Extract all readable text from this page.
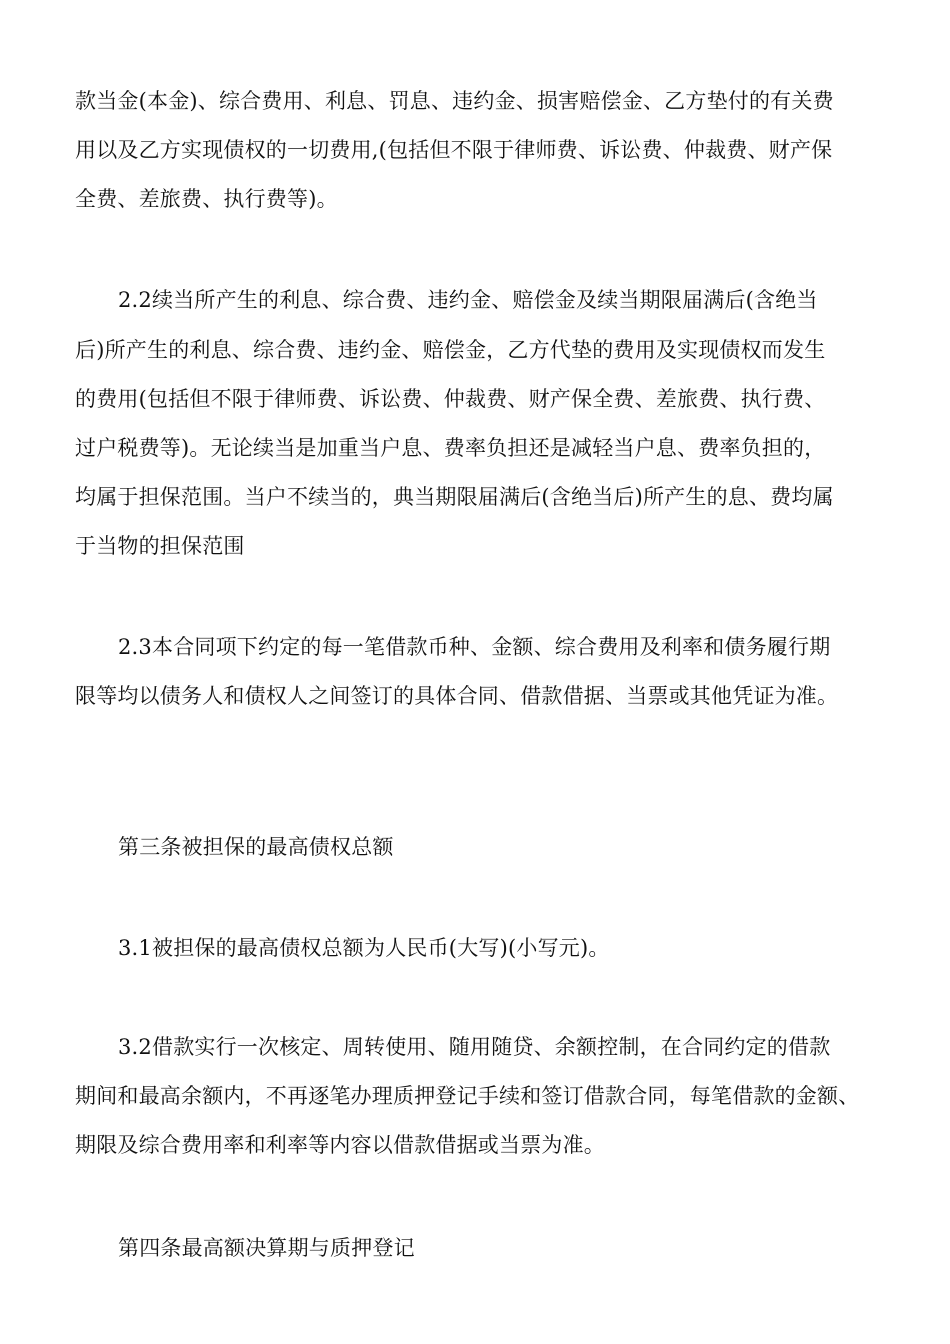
款当金(本金)、综合费用、利息、罚息、违约金、损害赔偿金、乙方垫付的有关费
用以及乙方实现债权的一切费用,(包括但不限于律师费、诉讼费、仲裁费、财产保
全费、差旅费、执行费等)。
2.2续当所产生的利息、综合费、违约金、赔偿金及续当期限届满后(含绝当
后)所产生的利息、综合费、违约金、赔偿金，乙方代垫的费用及实现债权而发生
的费用(包括但不限于律师费、诉讼费、仲裁费、财产保全费、差旅费、执行费、
过户税费等)。无论续当是加重当户息、费率负担还是减轻当户息、费率负担的，
均属于担保范围。当户不续当的，典当期限届满后(含绝当后)所产生的息、费均属
于当物的担保范围
2.3本合同项下约定的每一笔借款币种、金额、综合费用及利率和债务履行期
限等均以债务人和债权人之间签订的具体合同、借款借据、当票或其他凭证为准。
第三条被担保的最高债权总额
3.1被担保的最高债权总额为人民币(大写)(小写元)。
3.2借款实行一次核定、周转使用、随用随贷、余额控制，在合同约定的借款
期间和最高余额内，不再逐笔办理质押登记手续和签订借款合同，每笔借款的金额、
期限及综合费用率和利率等内容以借款借据或当票为准。
第四条最高额决算期与质押登记
